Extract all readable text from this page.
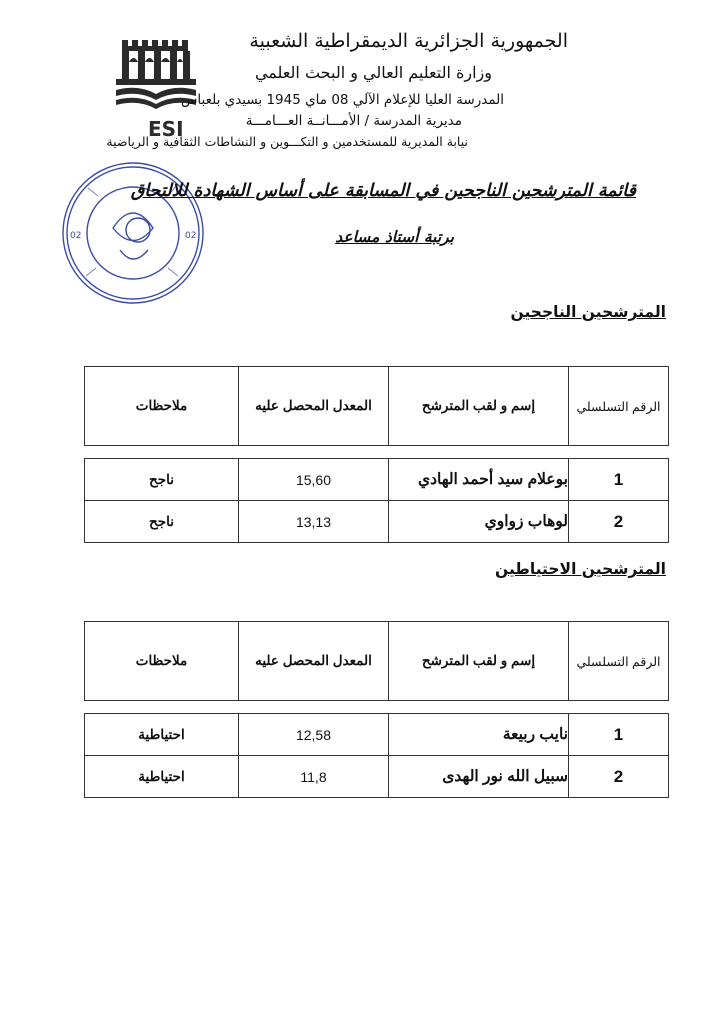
ESI
الجمهورية الجزائرية الديمقراطية الشعبية
وزارة التعليم العالي و البحث العلمي
المدرسة العليا للإعلام الآلي 08 ماي 1945 بسيدي بلعباس
مديرية المدرسة / الأمـــانــة العـــامـــة
نيابة المديرية للمستخدمين و التكـــوين و النشاطات الثقافية و الرياضية
02	02
قائمة المترشحين الناجحين في المسابقة على أساس الشهادة للالتحاق
برتبة أستاذ مساعد
المترشحين الناجحين
ملاحظات	المعدل المحصل عليه	إسم و لقب المترشح	الرقم التسلسلي

ناجح	15,60	بوعلام سيد أحمد الهادي	1
ناجح	13,13	لوهاب زواوي	2
المترشحين الاحتياطين
ملاحظات	المعدل المحصل عليه	إسم و لقب المترشح	الرقم التسلسلي

احتياطية	12,58	نايب ربيعة	1
احتياطية	11,8	سبيل الله نور الهدى	2
